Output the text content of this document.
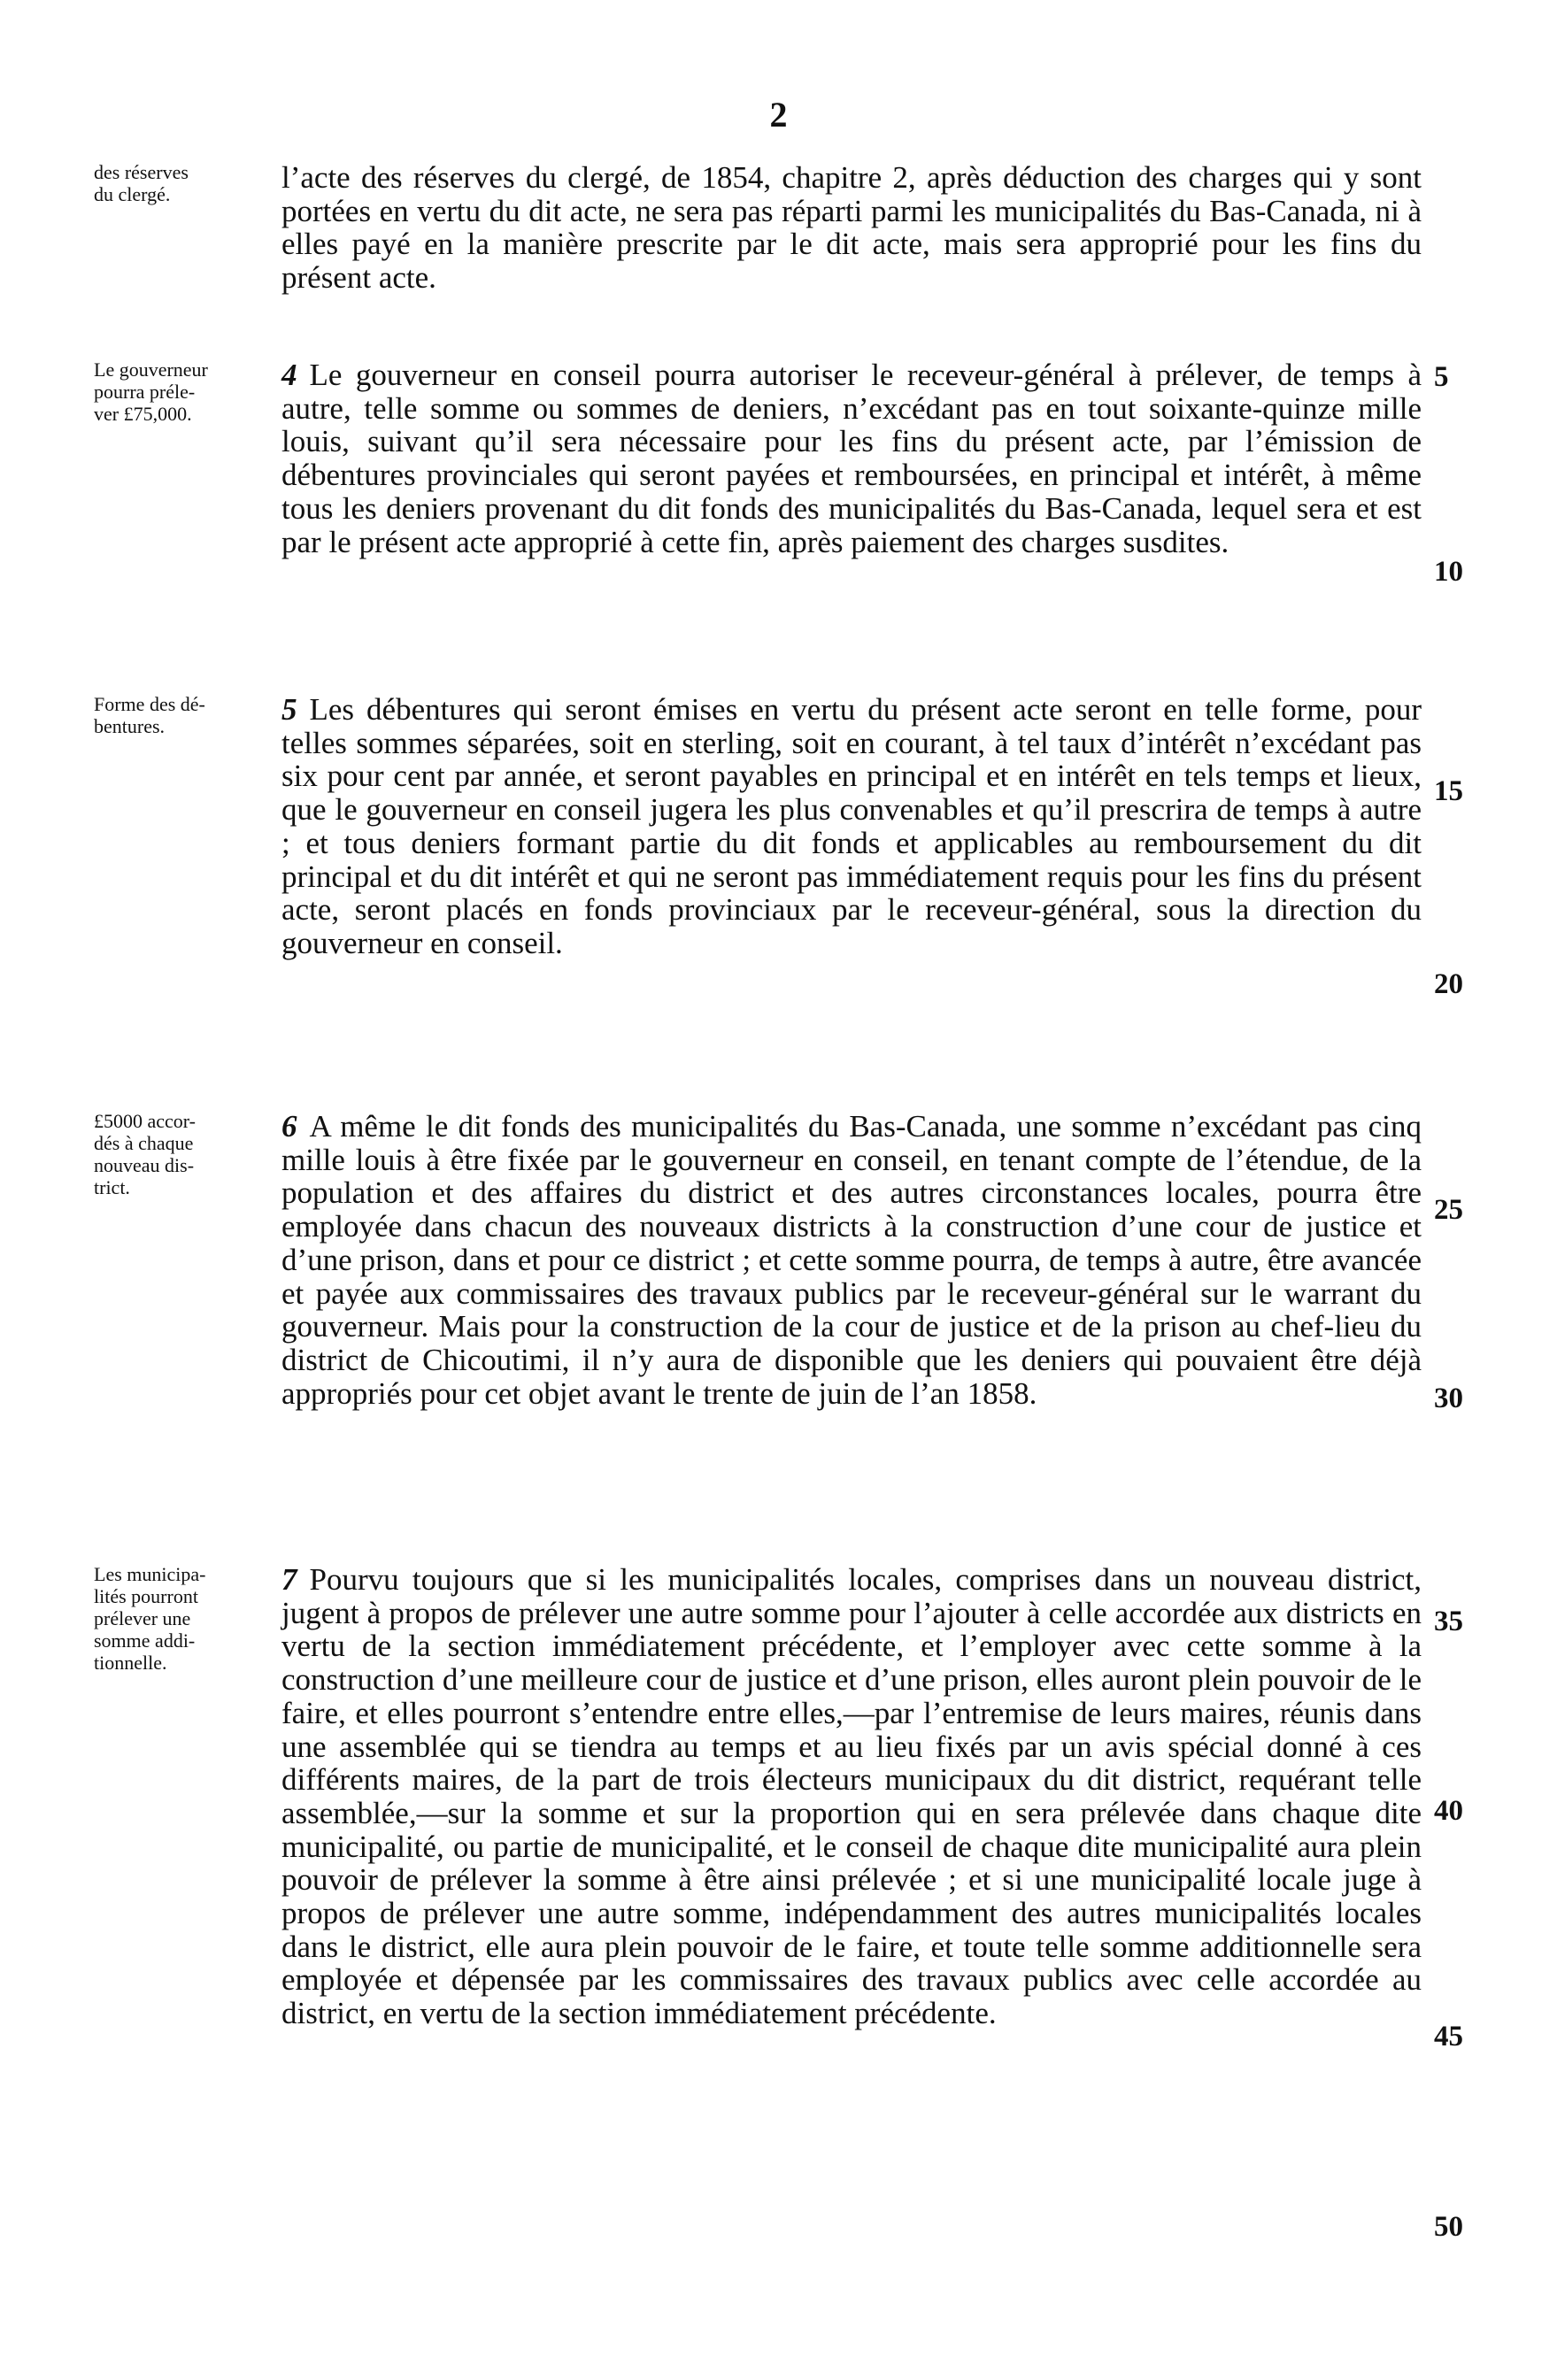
2
des réserves
du clergé.	l’acte des réserves du clergé, de 1854, chapitre 2, après déduction des charges qui y sont portées en vertu du dit acte, ne sera pas réparti parmi les municipalités du Bas-Canada, ni à elles payé en la manière prescrite par le dit acte, mais sera approprié pour les fins du présent acte.
Le gouverneur
pourra préle-
ver £75,000.
4 Le gouverneur en conseil pourra autoriser le receveur-général à prélever, de temps à autre, telle somme ou sommes de deniers, n’excédant pas en tout soixante-quinze mille louis, suivant qu’il sera nécessaire pour les fins du présent acte, par l’émission de débentures provinciales qui seront payées et remboursées, en principal et intérêt, à même tous les deniers provenant du dit fonds des municipalités du Bas-Canada, lequel sera et est par le présent acte approprié à cette fin, après paiement des charges susdites.
Forme des dé-
bentures.	5 Les débentures qui seront émises en vertu du présent acte seront en telle forme, pour telles sommes séparées, soit en sterling, soit en courant, à tel taux d’intérêt n’excédant pas six pour cent par année, et seront payables en principal et en intérêt en tels temps et lieux, que le gouverneur en conseil jugera les plus convenables et qu’il prescrira de temps à autre ; et tous deniers formant partie du dit fonds et applicables au remboursement du dit principal et du dit intérêt et qui ne seront pas immédiatement requis pour les fins du présent acte, seront placés en fonds provinciaux par le receveur-général, sous la direction du gouverneur en conseil.
£5000 accor-
dés à chaque
nouveau dis-
trict.
6 A même le dit fonds des municipalités du Bas-Canada, une somme n’excédant pas cinq mille louis à être fixée par le gouverneur en conseil, en tenant compte de l’étendue, de la population et des affaires du district et des autres circonstances locales, pourra être employée dans chacun des nouveaux districts à la construction d’une cour de justice et d’une prison, dans et pour ce district ; et cette somme pourra, de temps à autre, être avancée et payée aux commissaires des travaux publics par le receveur-général sur le warrant du gouverneur. Mais pour la construction de la cour de justice et de la prison au chef-lieu du district de Chicoutimi, il n’y aura de disponible que les deniers qui pouvaient être déjà appropriés pour cet objet avant le trente de juin de l’an 1858.
Les municipa-
lités pourront
prélever une
somme addi-
tionnelle.
7 Pourvu toujours que si les municipalités locales, comprises dans un nouveau district, jugent à propos de prélever une autre somme pour l’ajouter à celle accordée aux districts en vertu de la section immédiatement précédente, et l’employer avec cette somme à la construction d’une meilleure cour de justice et d’une prison, elles auront plein pouvoir de le faire, et elles pourront s’entendre entre elles,—par l’entremise de leurs maires, réunis dans une assemblée qui se tiendra au temps et au lieu fixés par un avis spécial donné à ces différents maires, de la part de trois électeurs municipaux du dit district, requérant telle assemblée,—sur la somme et sur la proportion qui en sera prélevée dans chaque dite municipalité, ou partie de municipalité, et le conseil de chaque dite municipalité aura plein pouvoir de prélever la somme à être ainsi prélevée ; et si une municipalité locale juge à propos de prélever une autre somme, indépendamment des autres municipalités locales dans le district, elle aura plein pouvoir de le faire, et toute telle somme additionnelle sera employée et dépensée par les commissaires des travaux publics avec celle accordée au district, en vertu de la section immédiatement précédente.
5
10
15
20
25
30
35
40
45
50
